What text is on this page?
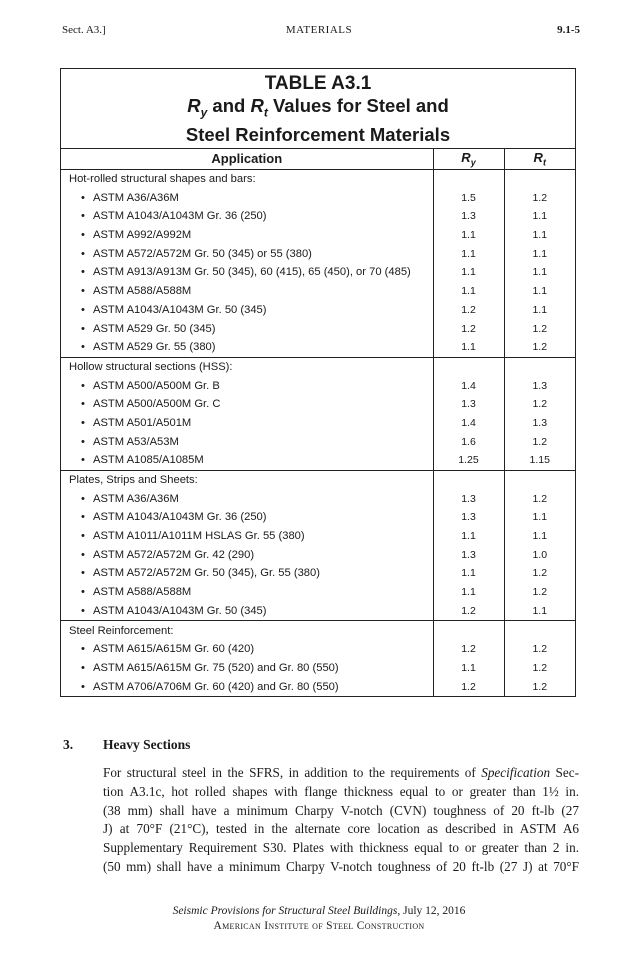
Sect. A3.]	MATERIALS	9.1-5
TABLE A3.1
$R_y$ and $R_t$ Values for Steel and
Steel Reinforcement Materials
Application	$R_y$	$R_t$
Hot-rolled structural shapes and bars:		
• ASTM A36/A36M	1.5	1.2
• ASTM A1043/A1043M Gr. 36 (250)	1.3	1.1
• ASTM A992/A992M	1.1	1.1
• ASTM A572/A572M Gr. 50 (345) or 55 (380)	1.1	1.1
• ASTM A913/A913M Gr. 50 (345), 60 (415), 65 (450), or 70 (485)	1.1	1.1
• ASTM A588/A588M	1.1	1.1
• ASTM A1043/A1043M Gr. 50 (345)	1.2	1.1
• ASTM A529 Gr. 50 (345)	1.2	1.2
• ASTM A529 Gr. 55 (380)	1.1	1.2
Hollow structural sections (HSS):		
• ASTM A500/A500M Gr. B	1.4	1.3
• ASTM A500/A500M Gr. C	1.3	1.2
• ASTM A501/A501M	1.4	1.3
• ASTM A53/A53M	1.6	1.2
• ASTM A1085/A1085M	1.25	1.15
Plates, Strips and Sheets:		
• ASTM A36/A36M	1.3	1.2
• ASTM A1043/A1043M Gr. 36 (250)	1.3	1.1
• ASTM A1011/A1011M HSLAS Gr. 55 (380)	1.1	1.1
• ASTM A572/A572M Gr. 42 (290)	1.3	1.0
• ASTM A572/A572M Gr. 50 (345), Gr. 55 (380)	1.1	1.2
• ASTM A588/A588M	1.1	1.2
• ASTM A1043/A1043M Gr. 50 (345)	1.2	1.1
Steel Reinforcement:		
• ASTM A615/A615M Gr. 60 (420)	1.2	1.2
• ASTM A615/A615M Gr. 75 (520) and Gr. 80 (550)	1.1	1.2
• ASTM A706/A706M Gr. 60 (420) and Gr. 80 (550)	1.2	1.2
3. Heavy Sections
For structural steel in the SFRS, in addition to the requirements of Specification Sec-
tion A3.1c, hot rolled shapes with flange thickness equal to or greater than 1½ in.
(38 mm) shall have a minimum Charpy V-notch (CVN) toughness of 20 ft-lb (27
J) at 70°F (21°C), tested in the alternate core location as described in ASTM A6
Supplementary Requirement S30. Plates with thickness equal to or greater than 2 in.
(50 mm) shall have a minimum Charpy V-notch toughness of 20 ft-lb (27 J) at 70°F
Seismic Provisions for Structural Steel Buildings, July 12, 2016
American Institute of Steel Construction
